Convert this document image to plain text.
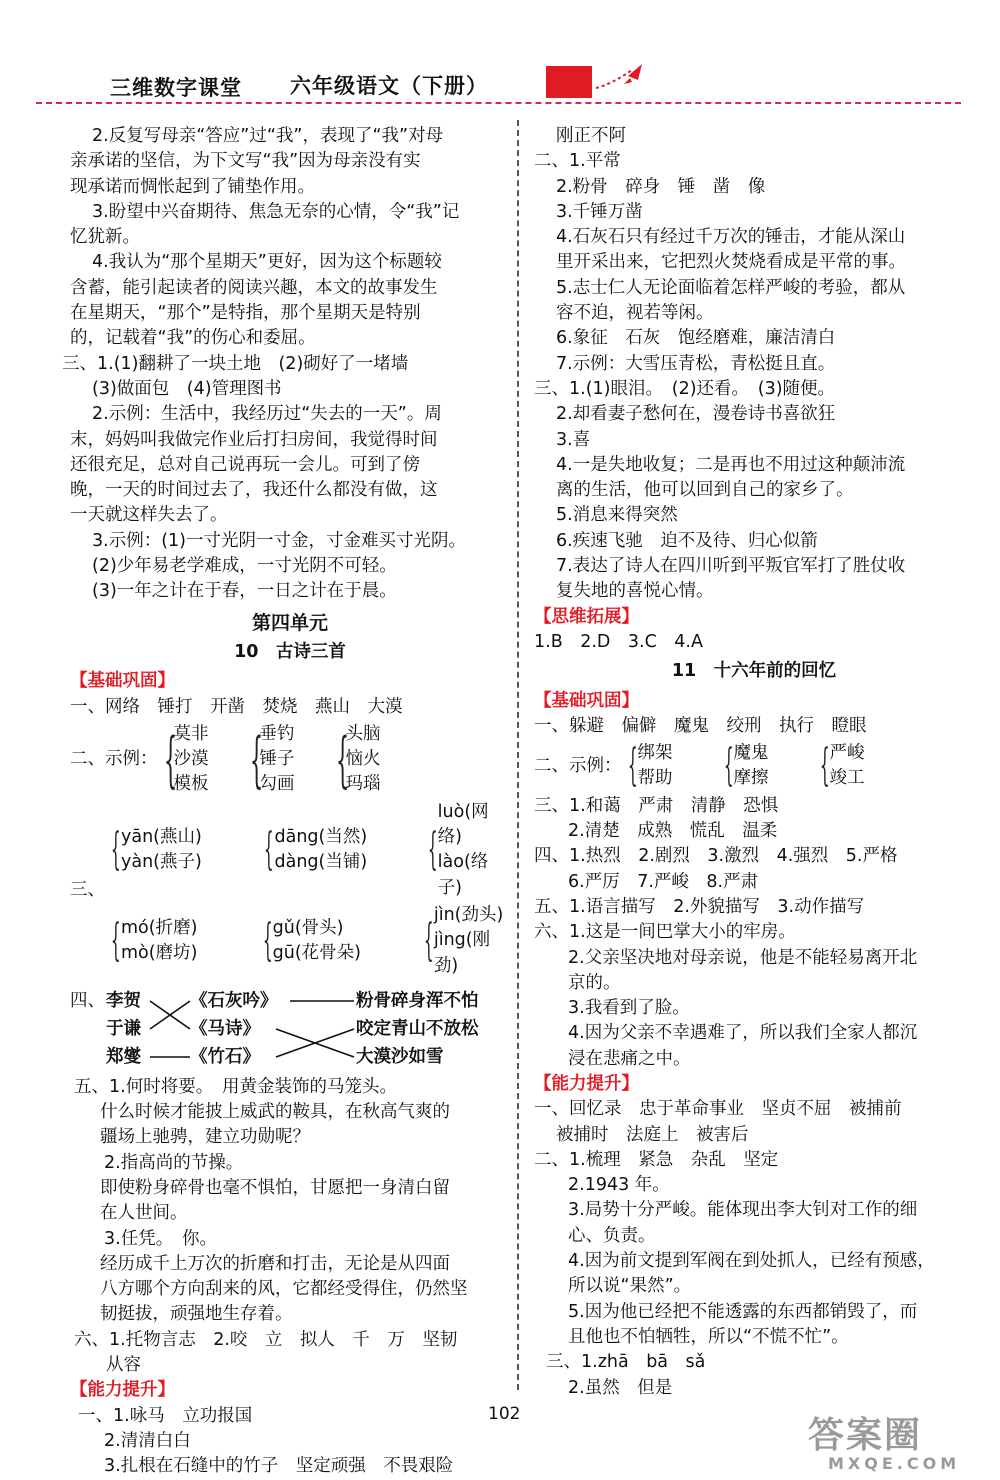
三维数字课堂 六年级语文（下册）
2.反复写母亲“答应”过“我”，表现了“我”对母
亲承诺的坚信，为下文写“我”因为母亲没有实
现承诺而惆怅起到了铺垫作用。
3.盼望中兴奋期待、焦急无奈的心情，令“我”记
忆犹新。
4.我认为“那个星期天”更好，因为这个标题较
含蓄，能引起读者的阅读兴趣，本文的故事发生
在星期天，“那个”是特指，那个星期天是特别
的，记载着“我”的伤心和委屈。
三、1.(1)翻耕了一块土地　(2)砌好了一堵墙
(3)做面包　(4)管理图书
2.示例：生活中，我经历过“失去的一天”。周
末，妈妈叫我做完作业后打扫房间，我觉得时间
还很充足，总对自己说再玩一会儿。可到了傍
晚，一天的时间过去了，我还什么都没有做，这
一天就这样失去了。
3.示例：(1)一寸光阴一寸金，寸金难买寸光阴。
(2)少年易老学难成，一寸光阴不可轻。
(3)一年之计在于春，一日之计在于晨。
第四单元
10　古诗三首
【基础巩固】
一、网络　锤打　开凿　焚烧　燕山　大漠
二、示例： {
莫非
沙漠
模板 {
垂钓
锤子
勾画 {
头脑
恼火
玛瑙
三、
{ yān(燕山)
yàn(燕子) { dāng(当然)
dàng(当铺) {
luò(网络)
lào(络子)
{ mó(折磨)
mò(磨坊) { gǔ(骨头)
gū(花骨朵) { jìn(劲头)
jìng(刚劲)
四、 李贺
于谦
郑燮
《石灰吟》
《马诗》
《竹石》
粉骨碎身浑不怕
咬定青山不放松
大漠沙如雪
五、1.何时将要。　用黄金装饰的马笼头。
什么时候才能披上威武的鞍具，在秋高气爽的
疆场上驰骋，建立功勋呢？
2.指高尚的节操。
即使粉身碎骨也毫不惧怕，甘愿把一身清白留
在人世间。
3.任凭。　你。
经历成千上万次的折磨和打击，无论是从四面
八方哪个方向刮来的风，它都经受得住，仍然坚
韧挺拔，顽强地生存着。
六、1.托物言志　2.咬　立　拟人　千　万　坚韧
从容
【能力提升】
一、1.咏马　立功报国
2.清清白白
3.扎根在石缝中的竹子　坚定顽强　不畏艰险
刚正不阿
二、1.平常
2.粉骨　碎身　锤　凿　像
3.千锤万凿
4.石灰石只有经过千万次的锤击，才能从深山
里开采出来，它把烈火焚烧看成是平常的事。
5.志士仁人无论面临着怎样严峻的考验，都从
容不迫，视若等闲。
6.象征　石灰　饱经磨难，廉洁清白
7.示例：大雪压青松，青松挺且直。
三、1.(1)眼泪。　(2)还看。　(3)随便。
2.却看妻子愁何在，漫卷诗书喜欲狂
3.喜
4.一是失地收复；二是再也不用过这种颠沛流
离的生活，他可以回到自己的家乡了。
5.消息来得突然
6.疾速飞驰　迫不及待、归心似箭
7.表达了诗人在四川听到平叛官军打了胜仗收
复失地的喜悦心情。
【思维拓展】
1.B　2.D　3.C　4.A
11　十六年前的回忆
【基础巩固】
一、躲避　偏僻　魔鬼　绞刑　执行　瞪眼
二、示例： { 绑架
帮助	{ 魔鬼
摩擦	{ 严峻
竣工
三、1.和蔼　严肃　清静　恐惧
2.清楚　成熟　慌乱　温柔
四、1.热烈　2.剧烈　3.激烈　4.强烈　5.严格
6.严厉　7.严峻　8.严肃
五、1.语言描写　2.外貌描写　3.动作描写
六、1.这是一间巴掌大小的牢房。
2.父亲坚决地对母亲说，他是不能轻易离开北
京的。
3.我看到了脸。
4.因为父亲不幸遇难了，所以我们全家人都沉
浸在悲痛之中。
【能力提升】
一、回忆录　忠于革命事业　坚贞不屈　被捕前
被捕时　法庭上　被害后
二、1.梳理　紧急　杂乱　坚定
2.1943 年。
3.局势十分严峻。能体现出李大钊对工作的细
心、负责。
4.因为前文提到军阀在到处抓人，已经有预感，
所以说“果然”。
5.因为他已经把不能透露的东西都销毁了，而
且他也不怕牺牲，所以“不慌不忙”。
三、1.zhā　bā　sǎ
2.虽然　但是
102
答案圈
MXQE.COM
